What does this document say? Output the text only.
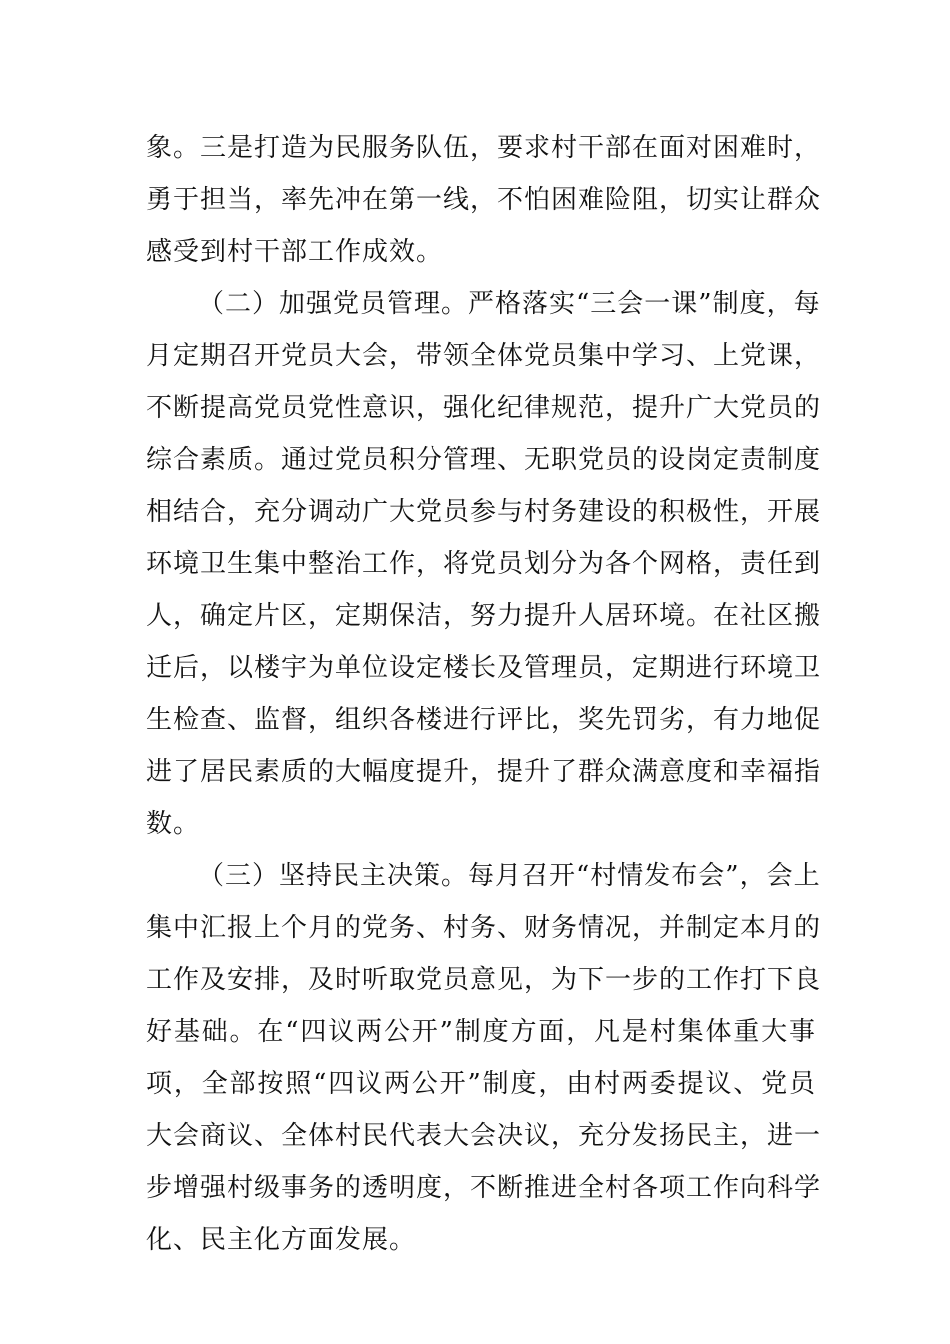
象。三是打造为民服务队伍，要求村干部在面对困难时，
勇于担当，率先冲在第一线，不怕困难险阻，切实让群众
感受到村干部工作成效。
（二）加强党员管理。严格落实“三会一课”制度，每
月定期召开党员大会，带领全体党员集中学习、上党课，
不断提高党员党性意识，强化纪律规范，提升广大党员的
综合素质。通过党员积分管理、无职党员的设岗定责制度
相结合，充分调动广大党员参与村务建设的积极性，开展
环境卫生集中整治工作，将党员划分为各个网格，责任到
人，确定片区，定期保洁，努力提升人居环境。在社区搬
迁后，以楼宇为单位设定楼长及管理员，定期进行环境卫
生检查、监督，组织各楼进行评比，奖先罚劣，有力地促
进了居民素质的大幅度提升，提升了群众满意度和幸福指
数。
（三）坚持民主决策。每月召开“村情发布会”，会上
集中汇报上个月的党务、村务、财务情况，并制定本月的
工作及安排，及时听取党员意见，为下一步的工作打下良
好基础。在“四议两公开”制度方面，凡是村集体重大事
项，全部按照“四议两公开”制度，由村两委提议、党员
大会商议、全体村民代表大会决议，充分发扬民主，进一
步增强村级事务的透明度，不断推进全村各项工作向科学
化、民主化方面发展。
